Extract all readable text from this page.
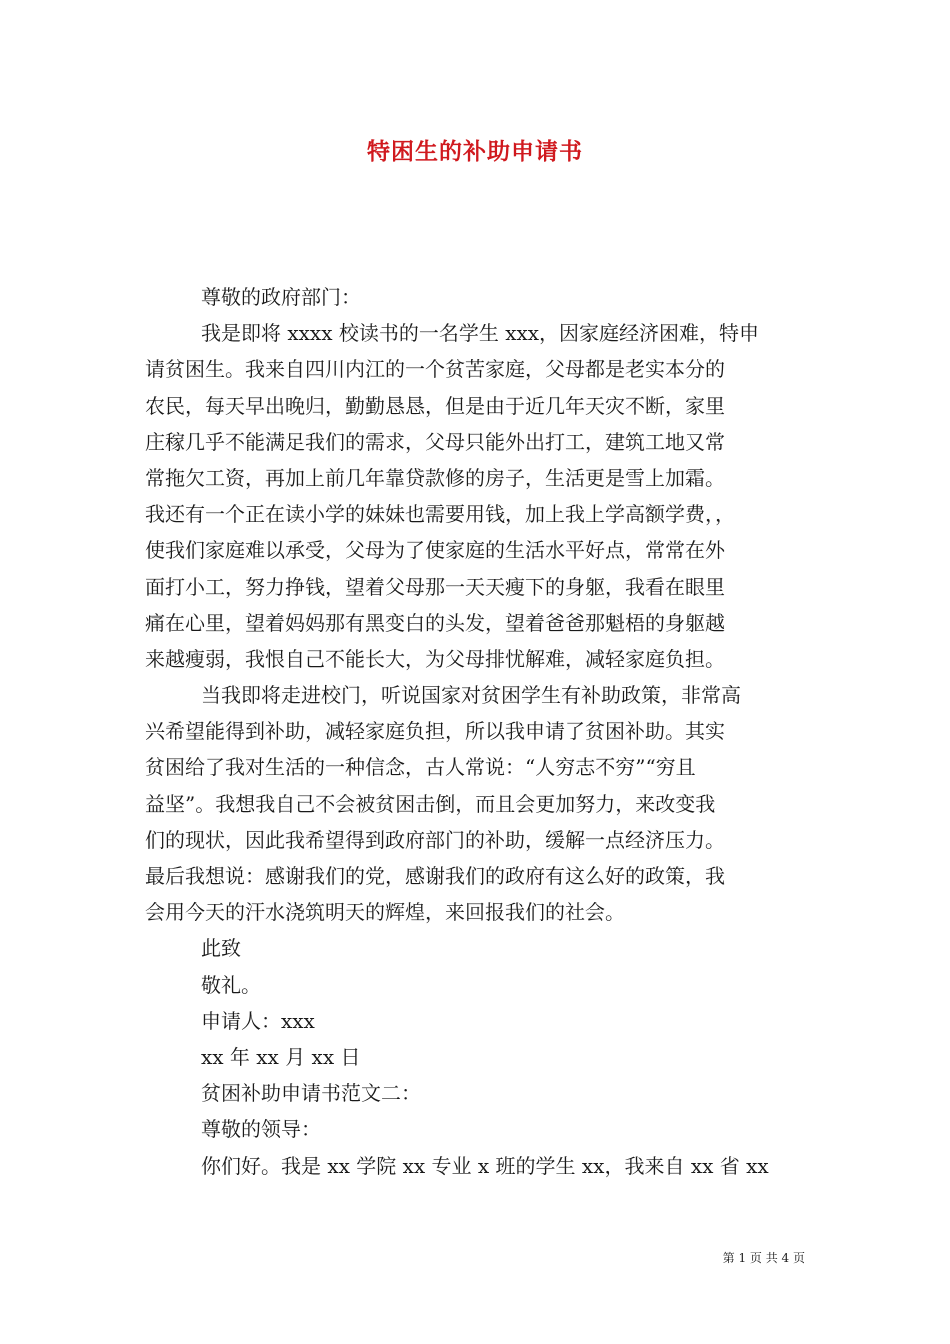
特困生的补助申请书
尊敬的政府部门：
我是即将 xxxx 校读书的一名学生 xxx，因家庭经济困难，特申
请贫困生。我来自四川内江的一个贫苦家庭，父母都是老实本分的
农民，每天早出晚归，勤勤恳恳，但是由于近几年天灾不断，家里
庄稼几乎不能满足我们的需求，父母只能外出打工，建筑工地又常
常拖欠工资，再加上前几年靠贷款修的房子，生活更是雪上加霜。
我还有一个正在读小学的妹妹也需要用钱，加上我上学高额学费，，
使我们家庭难以承受，父母为了使家庭的生活水平好点，常常在外
面打小工，努力挣钱，望着父母那一天天瘦下的身躯，我看在眼里
痛在心里，望着妈妈那有黑变白的头发，望着爸爸那魁梧的身躯越
来越瘦弱，我恨自己不能长大，为父母排忧解难，减轻家庭负担。
当我即将走进校门，听说国家对贫困学生有补助政策，非常高
兴希望能得到补助，减轻家庭负担，所以我申请了贫困补助。其实
贫困给了我对生活的一种信念，古人常说：“人穷志不穷”“穷且
益坚”。我想我自己不会被贫困击倒，而且会更加努力，来改变我
们的现状，因此我希望得到政府部门的补助，缓解一点经济压力。
最后我想说：感谢我们的党，感谢我们的政府有这么好的政策，我
会用今天的汗水浇筑明天的辉煌，来回报我们的社会。
此致
敬礼。
申请人：xxx
xx 年 xx 月 xx 日
贫困补助申请书范文二：
尊敬的领导：
你们好。我是 xx 学院 xx 专业 x 班的学生 xx，我来自 xx 省 xx
第 1 页 共 4 页
